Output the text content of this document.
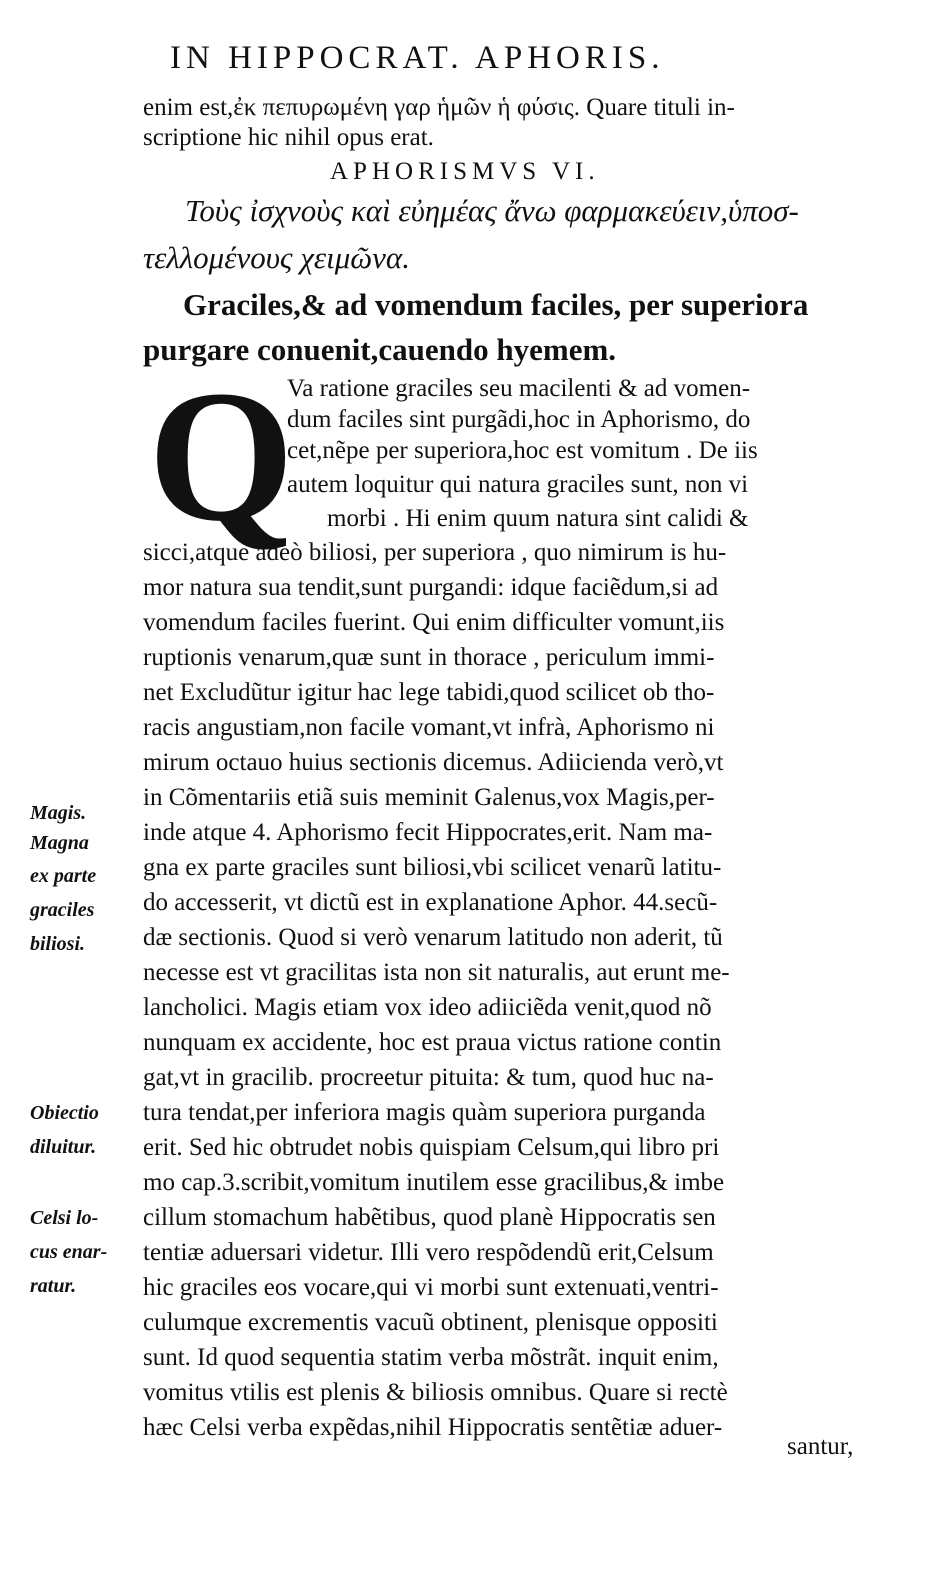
IN HIPPOCRAT. APHORIS.
enim est,ἐκ πεπυρωμένη γαρ ἡμῶν ἡ φύσις. Quare tituli in-
scriptione hic nihil opus erat.
APHORISMVS VI.
Τοὺς ἰσχνοὺς καὶ εὐημέας ἄνω φαρμακεύειν,ὑποσ-
τελλομένους χειμῶνα.
Graciles,& ad vomendum faciles, per superiora
purgare conuenit,cauendo hyemem.
Q
Va ratione graciles seu macilenti & ad vomen-
dum faciles sint purgãdi,hoc in Aphorismo, do
cet,nẽpe per superiora,hoc est vomitum . De iis
autem loquitur qui natura graciles sunt, non vi
morbi . Hi enim quum natura sint calidi &
sicci,atque adeò biliosi, per superiora , quo nimirum is hu-
mor natura sua tendit,sunt purgandi: idque faciẽdum,si ad
vomendum faciles fuerint. Qui enim difficulter vomunt,iis
ruptionis venarum,quæ sunt in thorace , periculum immi-
net Excludũtur igitur hac lege tabidi,quod scilicet ob tho-
racis angustiam,non facile vomant,vt infrà, Aphorismo ni
mirum octauo huius sectionis dicemus. Adiicienda verò,vt
in Cõmentariis etiã suis meminit Galenus,vox Magis,per-
inde atque 4. Aphorismo fecit Hippocrates,erit. Nam ma-
gna ex parte graciles sunt biliosi,vbi scilicet venarũ latitu-
do accesserit, vt dictũ est in explanatione Aphor. 44.secũ-
dæ sectionis. Quod si verò venarum latitudo non aderit, tũ
necesse est vt gracilitas ista non sit naturalis, aut erunt me-
lancholici. Magis etiam vox ideo adiiciẽda venit,quod nõ
nunquam ex accidente, hoc est praua victus ratione contin
gat,vt in gracilib. procreetur pituita: & tum, quod huc na-
tura tendat,per inferiora magis quàm superiora purganda
erit. Sed hic obtrudet nobis quispiam Celsum,qui libro pri
mo cap.3.scribit,vomitum inutilem esse gracilibus,& imbe
cillum stomachum habẽtibus, quod planè Hippocratis sen
tentiæ aduersari videtur. Illi vero respõdendũ erit,Celsum
hic graciles eos vocare,qui vi morbi sunt extenuati,ventri-
culumque excrementis vacuũ obtinent, plenisque oppositi
sunt. Id quod sequentia statim verba mõstrãt. inquit enim,
vomitus vtilis est plenis & biliosis omnibus. Quare si rectè
hæc Celsi verba expẽdas,nihil Hippocratis sentẽtiæ aduer-
santur,
Magis.
Magna
ex parte
graciles
biliosi.
Obiectio
diluitur.
Celsi lo-
cus enar-
ratur.
